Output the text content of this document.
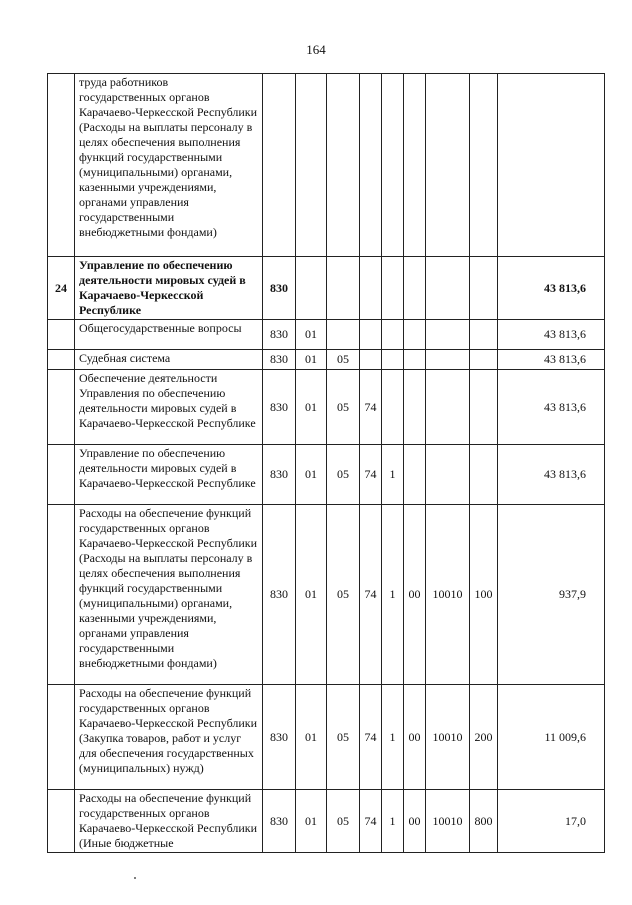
164
	труда работников государственных органов Карачаево-Черкесской Республики (Расходы на выплаты персоналу в целях обеспечения выполнения функций государственными (муниципальными) органами, казенными учреждениями, органами управления государственными внебюджетными фондами)									
24	Управление по обеспечению деятельности мировых судей в Карачаево-Черкесской Республике	830								43 813,6
	Общегосударственные вопросы	830	01							43 813,6
	Судебная система	830	01	05						43 813,6
	Обеспечение деятельности Управления по обеспечению деятельности мировых судей в Карачаево-Черкесской Республике	830	01	05	74					43 813,6
	Управление по обеспечению деятельности мировых судей в Карачаево-Черкесской Республике	830	01	05	74	1				43 813,6
	Расходы на обеспечение функций государственных органов Карачаево-Черкесской Республики (Расходы на выплаты персоналу в целях обеспечения выполнения функций государственными (муниципальными) органами, казенными учреждениями, органами управления государственными внебюджетными фондами)	830	01	05	74	1	00	10010	100	937,9
	Расходы на обеспечение функций государственных органов Карачаево-Черкесской Республики (Закупка товаров, работ и услуг для обеспечения государственных (муниципальных) нужд)	830	01	05	74	1	00	10010	200	11 009,6
	Расходы на обеспечение функций государственных органов Карачаево-Черкесской Республики (Иные бюджетные	830	01	05	74	1	00	10010	800	17,0
